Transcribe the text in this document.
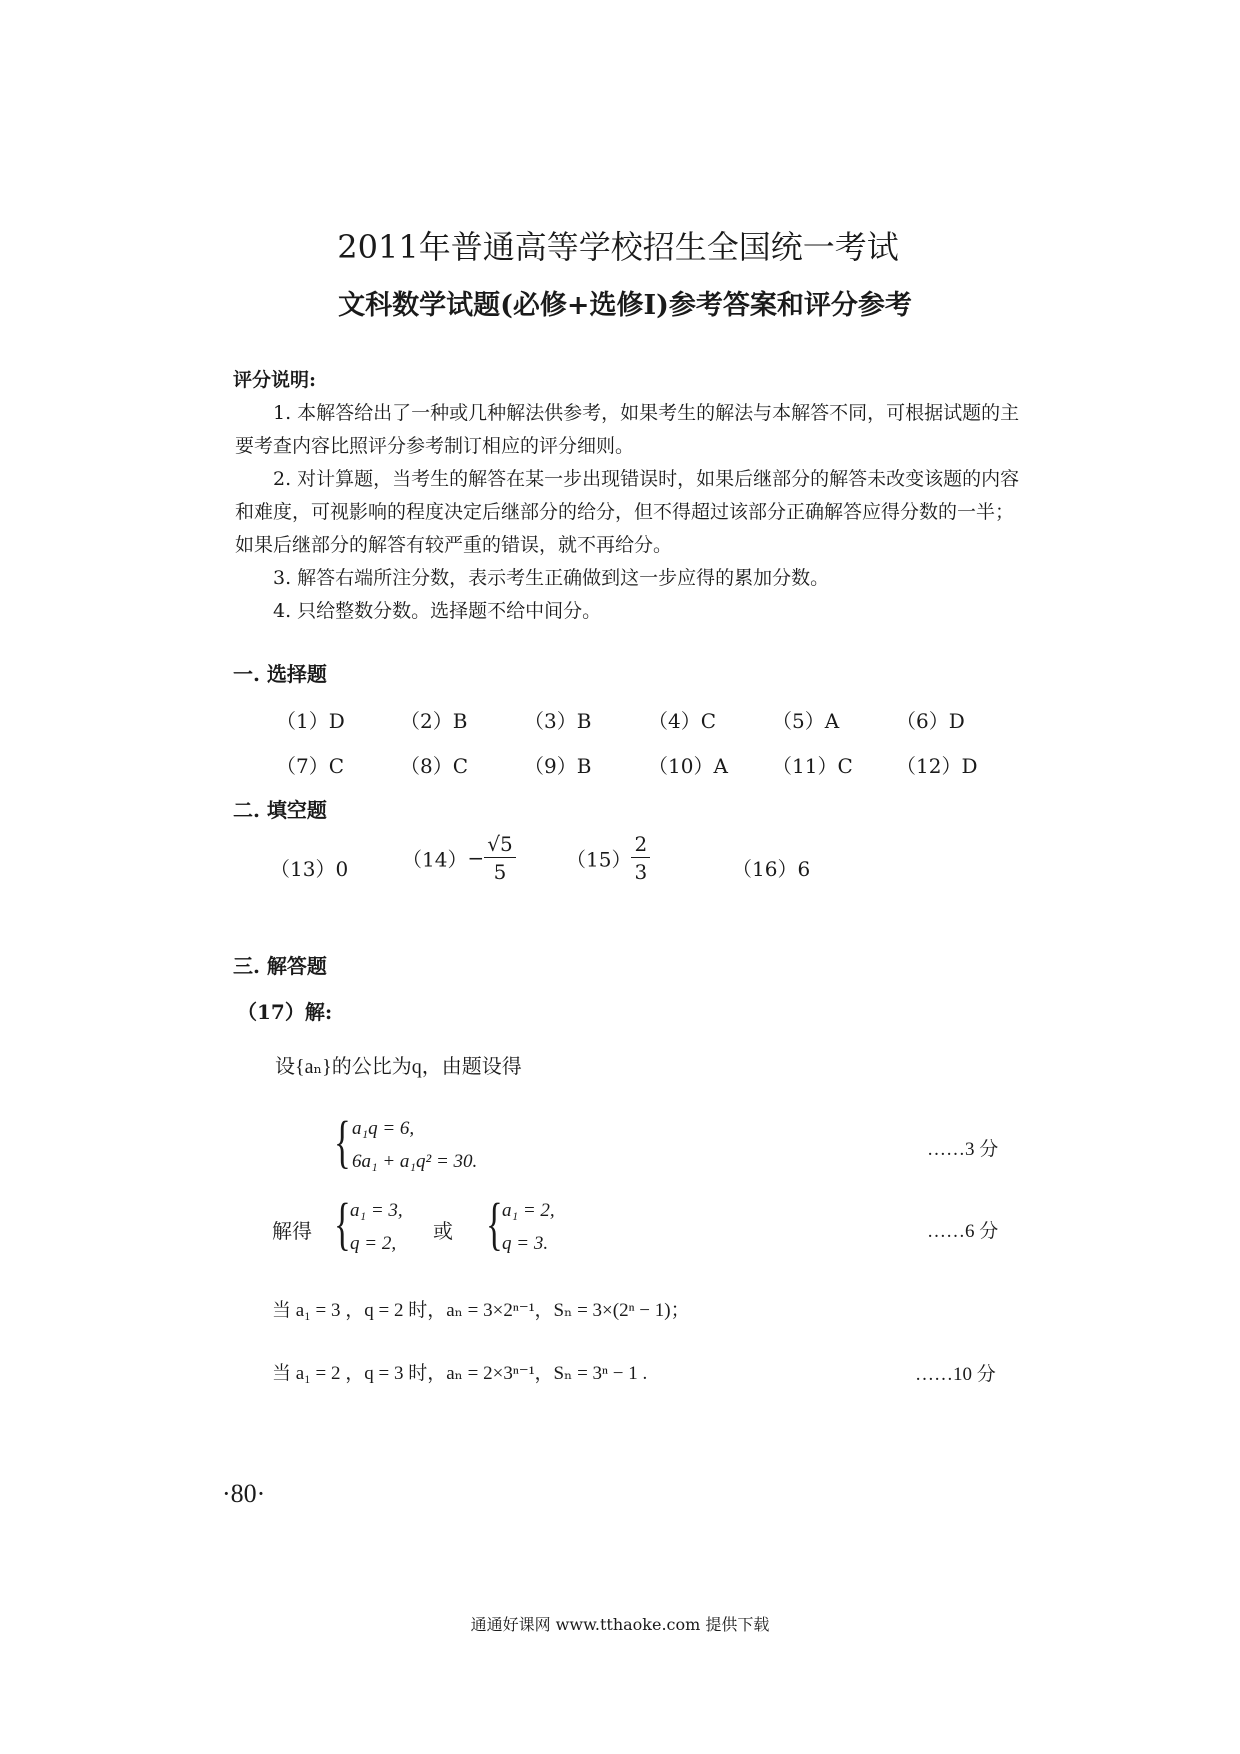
2011年普通高等学校招生全国统一考试
文科数学试题(必修+选修Ⅰ)参考答案和评分参考
评分说明:
1. 本解答给出了一种或几种解法供参考，如果考生的解法与本解答不同，可根据试题的主要考查内容比照评分参考制订相应的评分细则。
2. 对计算题，当考生的解答在某一步出现错误时，如果后继部分的解答未改变该题的内容和难度，可视影响的程度决定后继部分的给分，但不得超过该部分正确解答应得分数的一半；如果后继部分的解答有较严重的错误，就不再给分。
3. 解答右端所注分数，表示考生正确做到这一步应得的累加分数。
4. 只给整数分数。选择题不给中间分。
一. 选择题
（1）D	（2）B	（3）B	（4）C	（5）A	（6）D
（7）C	（8）C	（9）B	（10）A （11）C （12）D
二. 填空题
（13）0	$(14)- \frac{√5}{5}$	$(15) \frac{2}{3}$	（16）6
三. 解答题
（17）解:
设{aₙ}的公比为q，由题设得
{ a₁q = 6,
6a₁ + a₁q² = 30.
……3 分
解得 { a₁ = 3,
q = 2,
或 { a₁ = 2,
q = 3.
……6 分
当 a₁ = 3 ，q = 2 时，aₙ = 3×2ⁿ⁻¹，Sₙ = 3×(2ⁿ − 1)；
当 a₁ = 2 ，q = 3 时，aₙ = 2×3ⁿ⁻¹，Sₙ = 3ⁿ − 1 .	……10 分
·80·
通通好课网 www.tthaoke.com 提供下载
